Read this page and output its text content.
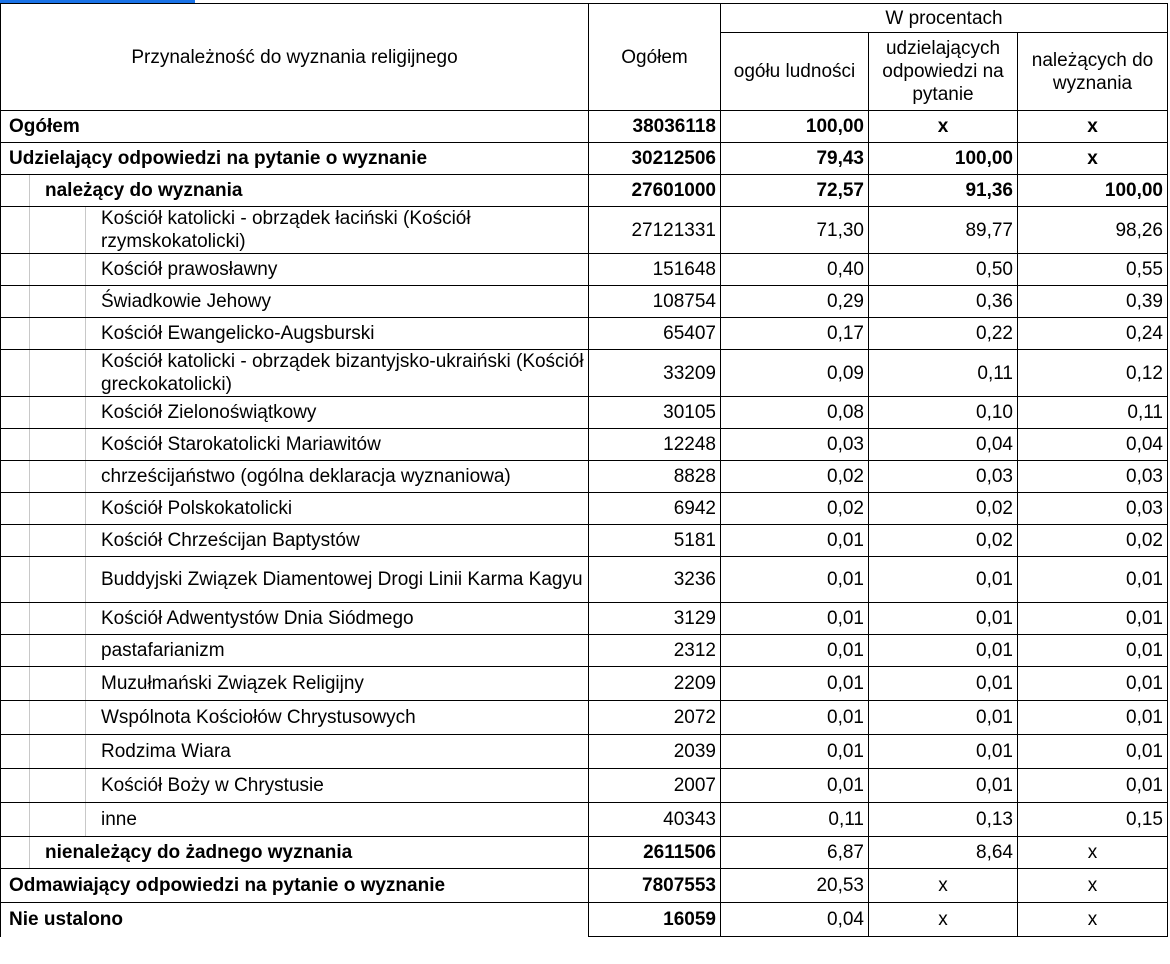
Przynależność do wyznania religijnego	Ogółem	W procentach		
		ogółu ludności	udzielających odpowiedzi na pytanie	należących do wyznania

Ogółem	38036118	100,00	x	x

Udzielający odpowiedzi na pytanie o wyznanie	30212506	79,43	100,00	x

należący do wyznania	27601000	72,57	91,36	100,00

Kościół katolicki - obrządek łaciński (Kościół rzymskokatolicki)	27121331	71,30	89,77	98,26

Kościół prawosławny	151648	0,40	0,50	0,55

Świadkowie Jehowy	108754	0,29	0,36	0,39

Kościół Ewangelicko-Augsburski	65407	0,17	0,22	0,24

Kościół katolicki - obrządek bizantyjsko-ukraiński (Kościół greckokatolicki)	33209	0,09	0,11	0,12

Kościół Zielonoświątkowy	30105	0,08	0,10	0,11

Kościół Starokatolicki Mariawitów	12248	0,03	0,04	0,04

chrześcijaństwo (ogólna deklaracja wyznaniowa)	8828	0,02	0,03	0,03

Kościół Polskokatolicki	6942	0,02	0,02	0,03

Kościół Chrześcijan Baptystów	5181	0,01	0,02	0,02

Buddyjski Związek Diamentowej Drogi Linii Karma Kagyu	3236	0,01	0,01	0,01

Kościół Adwentystów Dnia Siódmego	3129	0,01	0,01	0,01

pastafarianizm	2312	0,01	0,01	0,01

Muzułmański Związek Religijny	2209	0,01	0,01	0,01

Wspólnota Kościołów Chrystusowych	2072	0,01	0,01	0,01

Rodzima Wiara	2039	0,01	0,01	0,01

Kościół Boży w Chrystusie	2007	0,01	0,01	0,01

inne	40343	0,11	0,13	0,15

nienależący do żadnego wyznania	2611506	6,87	8,64	x

Odmawiający odpowiedzi na pytanie o wyznanie	7807553	20,53	x	x

Nie ustalono	16059	0,04	x	x
